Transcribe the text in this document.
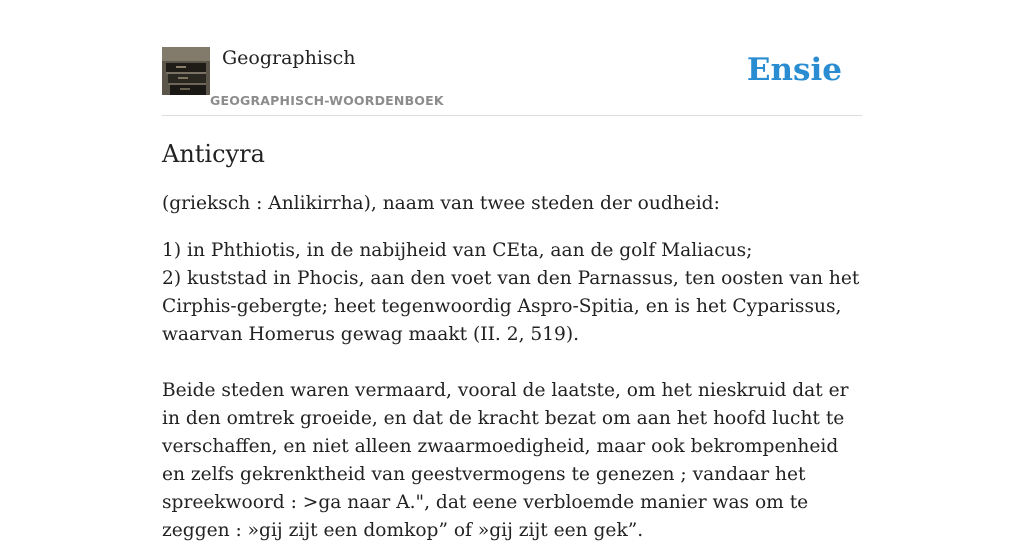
Geographisch
GEOGRAPHISCH-WOORDENBOEK
Ensie
Anticyra

(grieksch : Anlikirrha), naam van twee steden der oudheid:

1) in Phthiotis, in de nabijheid van CEta, aan de golf Maliacus;

2) kuststad in Phocis, aan den voet van den Parnassus, ten oosten van het Cirphis-gebergte; heet tegenwoordig Aspro-Spitia, en is het Cyparissus, waarvan Homerus gewag maakt (II. 2, 519).

Beide steden waren vermaard, vooral de laatste, om het nieskruid dat er in den omtrek groeide, en dat de kracht bezat om aan het hoofd lucht te verschaffen, en niet alleen zwaarmoedigheid, maar ook bekrompenheid en zelfs gekrenktheid van geestvermogens te genezen ; vandaar het spreekwoord : >ga naar A.", dat eene verbloemde manier was om te zeggen : »gij zijt een domkop” of »gij zijt een gek”.
